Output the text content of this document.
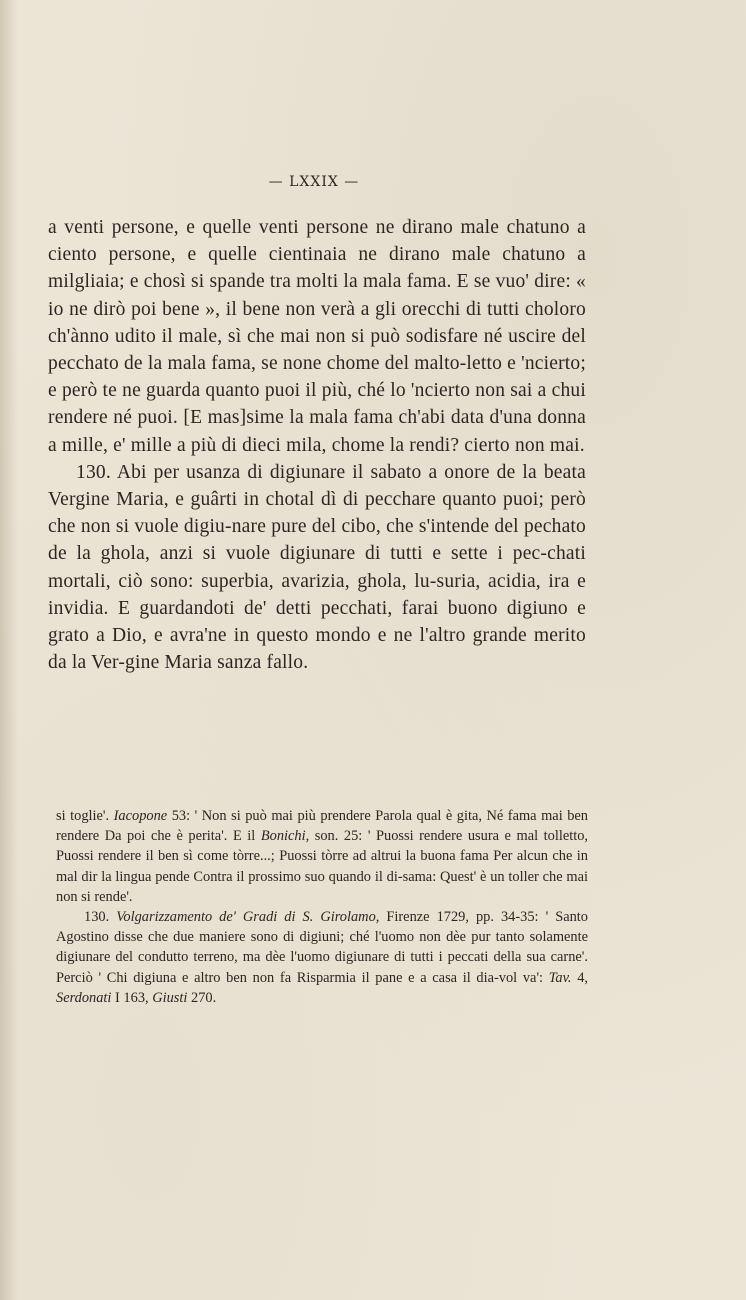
— LXXIX —

a venti persone, e quelle venti persone ne dirano male chatuno a ciento persone, e quelle cientinaia ne dirano male chatuno a milgliaia; e chosì si spande tra molti la mala fama. E se vuo' dire: « io ne dirò poi bene », il bene non verà a gli orecchi di tutti choloro ch'ànno udito il male, sì che mai non si può sodisfare né uscire del pecchato de la mala fama, se none chome del malto-letto e 'ncierto; e però te ne guarda quanto puoi il più, ché lo 'ncierto non sai a chui rendere né puoi. [E mas]sime la mala fama ch'abi data d'una donna a mille, e' mille a più di dieci mila, chome la rendi? cierto non mai.

130. Abi per usanza di digiunare il sabato a onore de la beata Vergine Maria, e guârti in chotal dì di pecchare quanto puoi; però che non si vuole digiu-nare pure del cibo, che s'intende del pechato de la ghola, anzi si vuole digiunare di tutti e sette i pec-chati mortali, ciò sono: superbia, avarizia, ghola, lu-suria, acidia, ira e invidia. E guardandoti de' detti pecchati, farai buono digiuno e grato a Dio, e avra'ne in questo mondo e ne l'altro grande merito da la Ver-gine Maria sanza fallo.

si toglie'. Iacopone 53: ' Non si può mai più prendere Parola qual è gita, Né fama mai ben rendere Da poi che è perita'. E il Bonichi, son. 25: ' Puossi rendere usura e mal tolletto, Puossi rendere il ben sì come tòrre...; Puossi tòrre ad altrui la buona fama Per alcun che in mal dir la lingua pende Contra il prossimo suo quando il di-sama: Quest' è un toller che mai non si rende'.

130. Volgarizzamento de' Gradi di S. Girolamo, Firenze 1729, pp. 34-35: ' Santo Agostino disse che due maniere sono di digiuni; ché l'uomo non dèe pur tanto solamente digiunare del condutto terreno, ma dèe l'uomo digiunare di tutti i peccati della sua carne'. Perciò ' Chi digiuna e altro ben non fa Risparmia il pane e a casa il dia-vol va': Tav. 4, Serdonati I 163, Giusti 270.
